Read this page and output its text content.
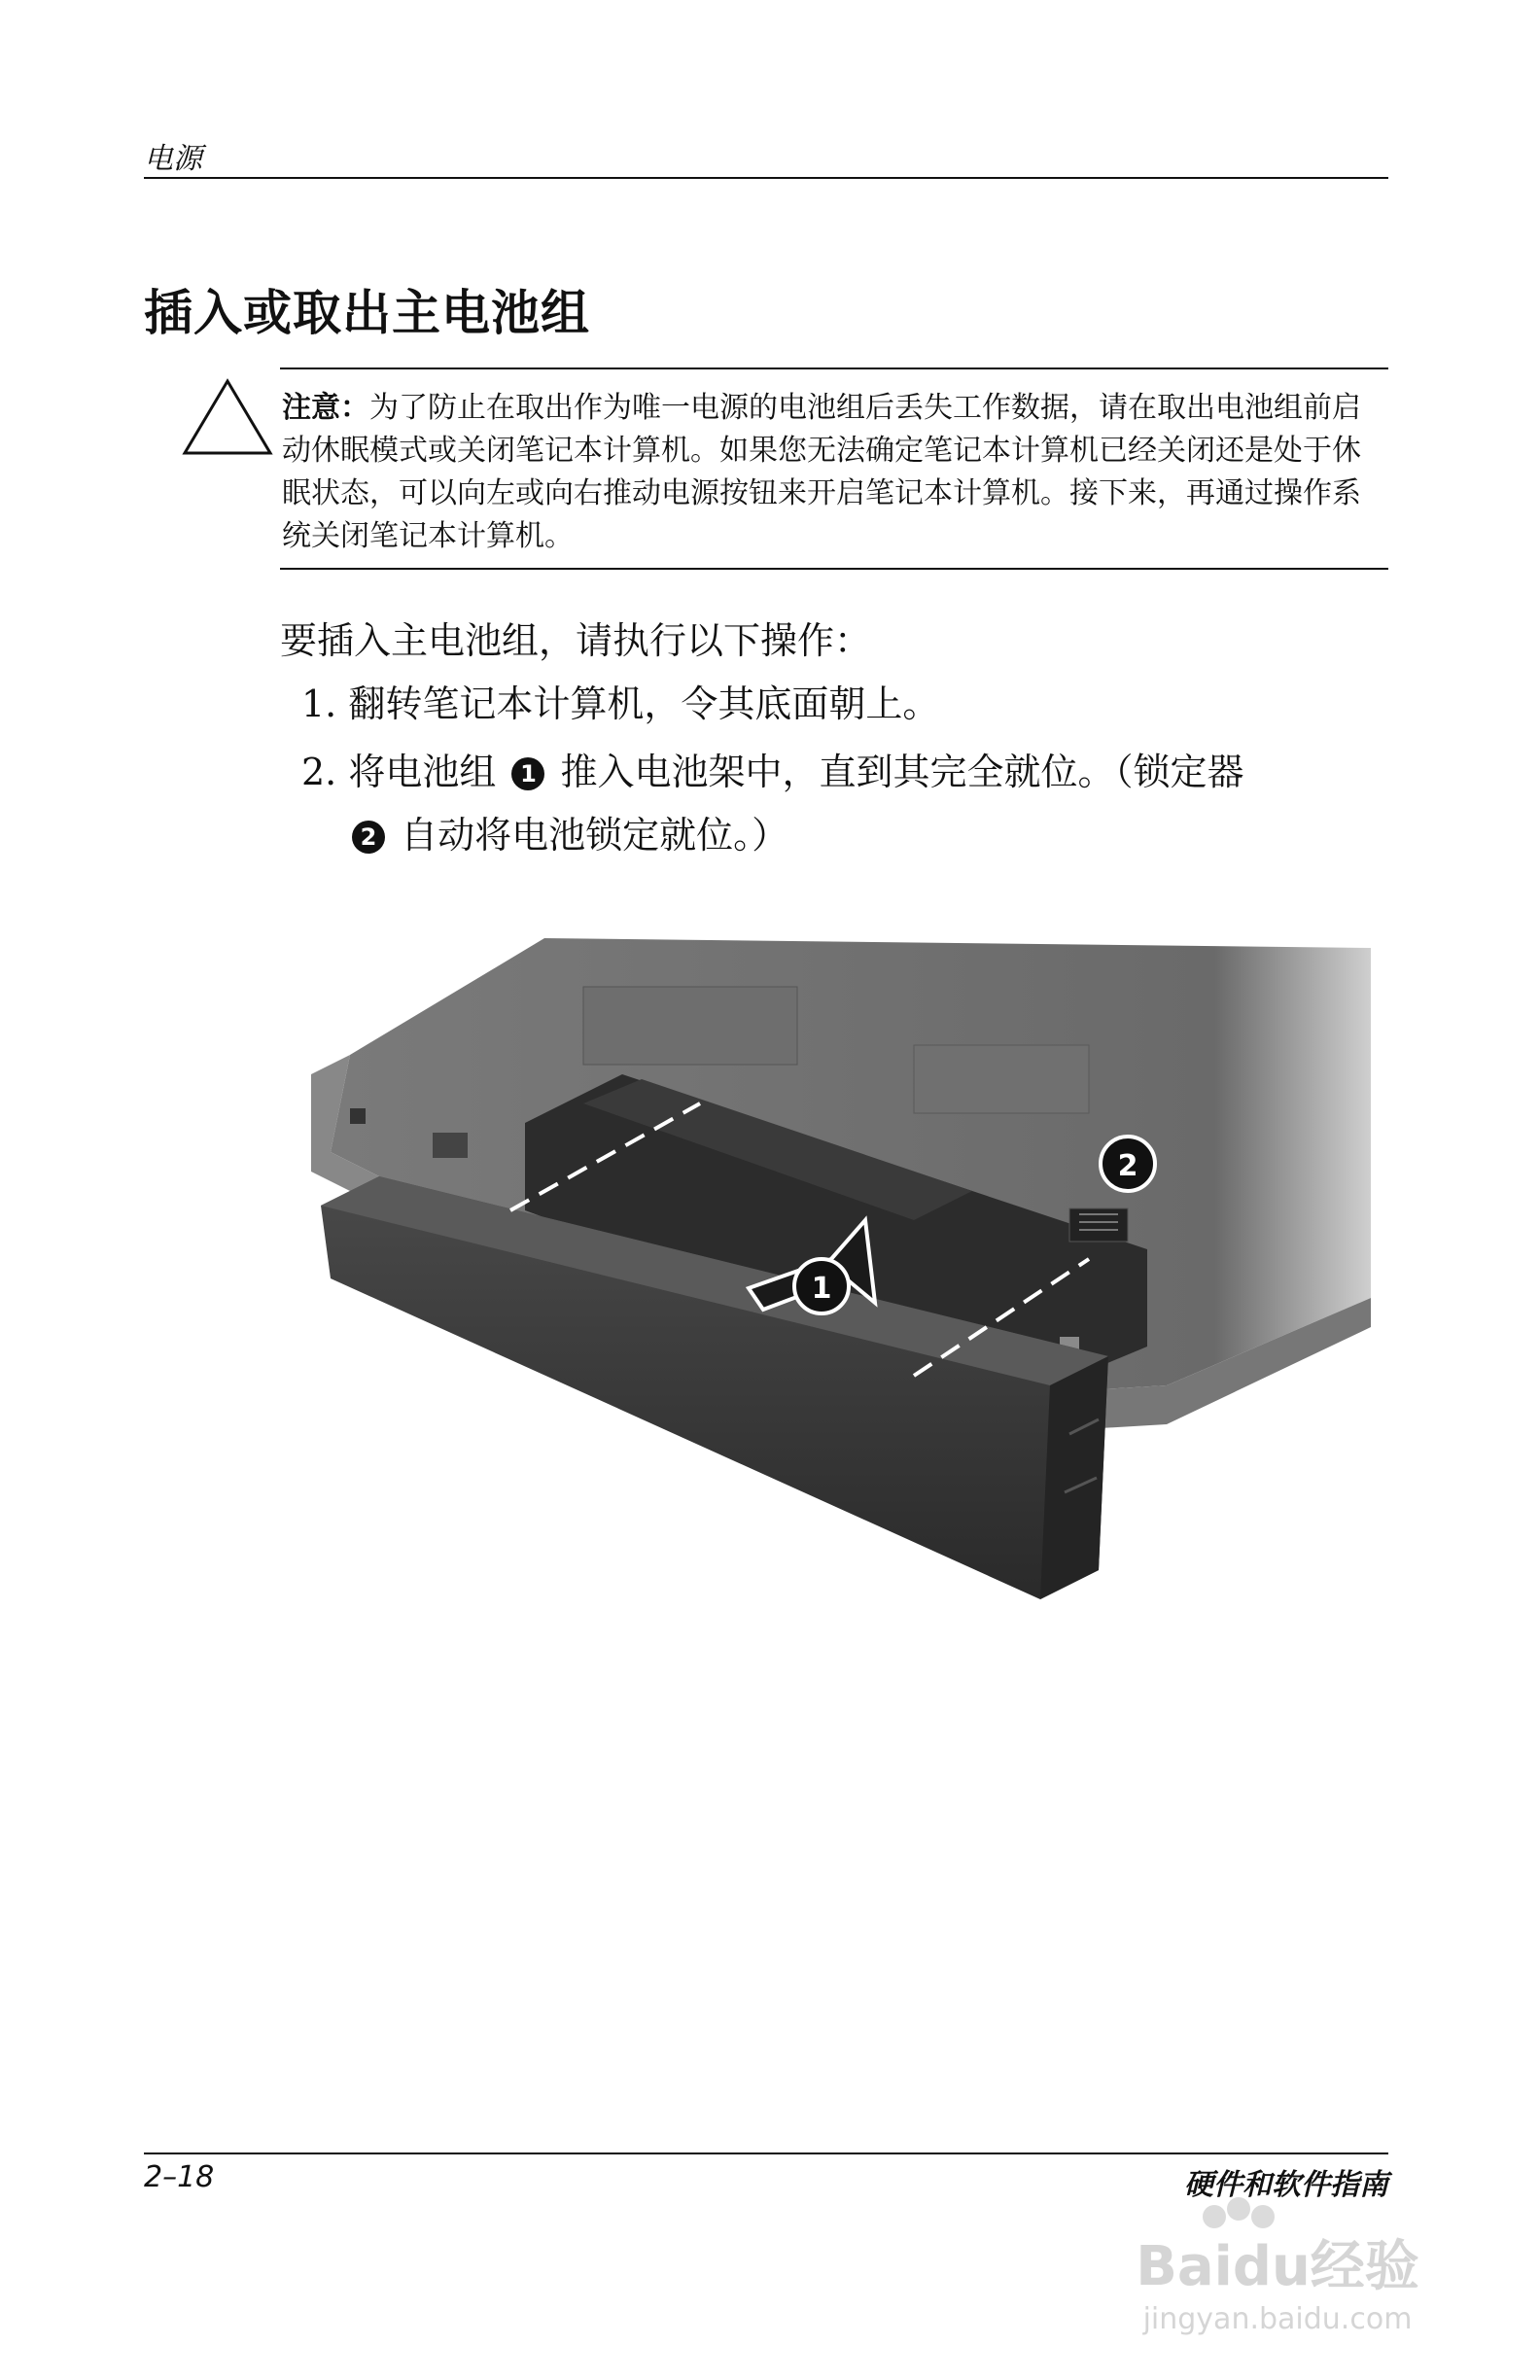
电源
插入或取出主电池组
注意：为了防止在取出作为唯一电源的电池组后丢失工作数据，请在取出电池组前启动休眠模式或关闭笔记本计算机。如果您无法确定笔记本计算机已经关闭还是处于休眠状态，可以向左或向右推动电源按钮来开启笔记本计算机。接下来，再通过操作系统关闭笔记本计算机。
要插入主电池组，请执行以下操作：
1. 翻转笔记本计算机，令其底面朝上。
2. 将电池组 1 推入电池架中，直到其完全就位。（锁定器
2 自动将电池锁定就位。）
1
2
2–18	硬件和软件指南
Baidu经验
jingyan.baidu.com
